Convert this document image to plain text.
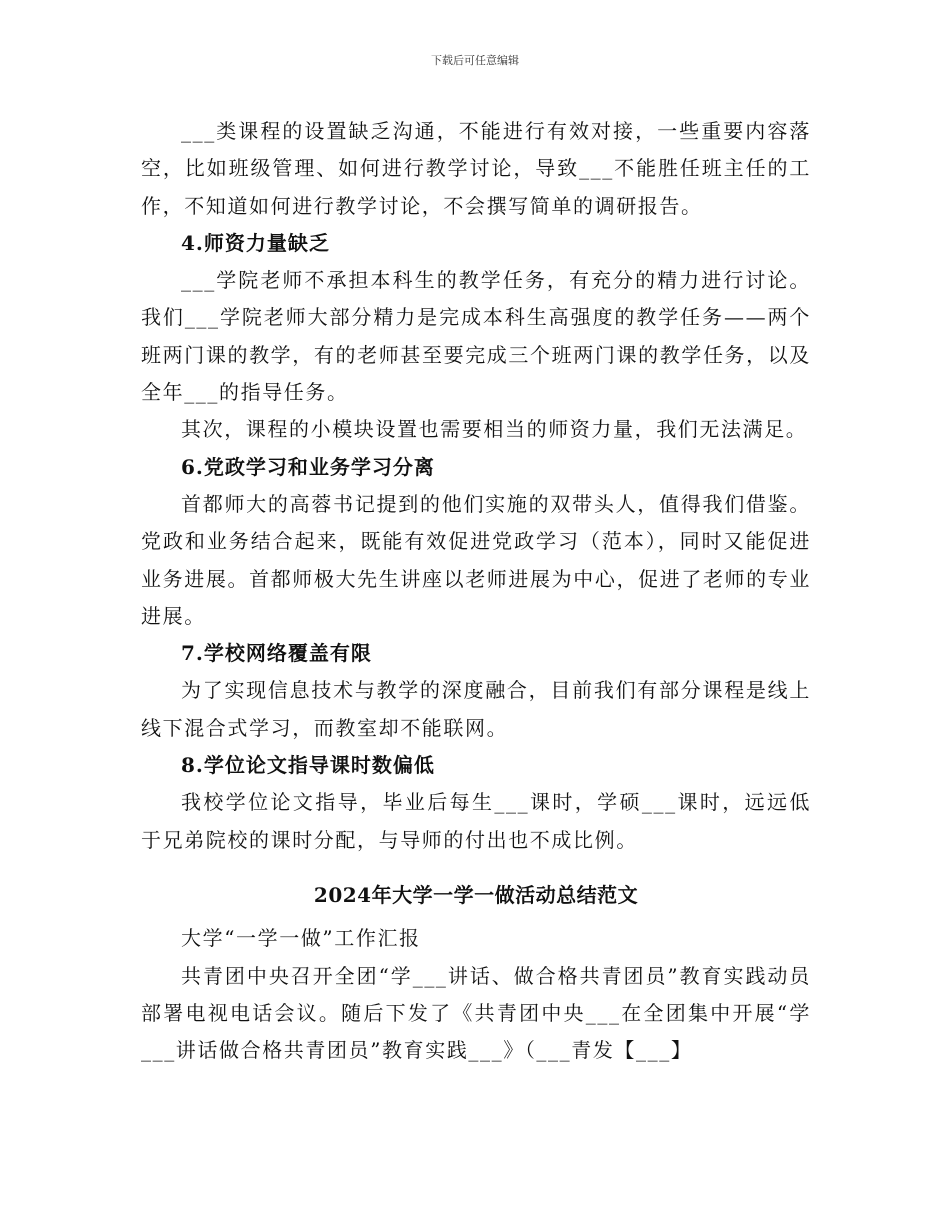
下载后可任意编辑

___类课程的设置缺乏沟通，不能进行有效对接，一些重要内容落空，比如班级管理、如何进行教学讨论，导致___不能胜任班主任的工作，不知道如何进行教学讨论，不会撰写简单的调研报告。

4.师资力量缺乏

___学院老师不承担本科生的教学任务，有充分的精力进行讨论。我们___学院老师大部分精力是完成本科生高强度的教学任务——两个班两门课的教学，有的老师甚至要完成三个班两门课的教学任务，以及全年___的指导任务。

其次，课程的小模块设置也需要相当的师资力量，我们无法满足。

6.党政学习和业务学习分离

首都师大的高蓉书记提到的他们实施的双带头人，值得我们借鉴。党政和业务结合起来，既能有效促进党政学习（范本），同时又能促进业务进展。首都师极大先生讲座以老师进展为中心，促进了老师的专业进展。

7.学校网络覆盖有限

为了实现信息技术与教学的深度融合，目前我们有部分课程是线上线下混合式学习，而教室却不能联网。

8.学位论文指导课时数偏低

我校学位论文指导，毕业后每生___课时，学硕___课时，远远低于兄弟院校的课时分配，与导师的付出也不成比例。

2024年大学一学一做活动总结范文

大学“一学一做”工作汇报

共青团中央召开全团“学___讲话、做合格共青团员”教育实践动员部署电视电话会议。随后下发了《共青团中央___在全团集中开展“学___讲话做合格共青团员”教育实践___》（___青发【___】
